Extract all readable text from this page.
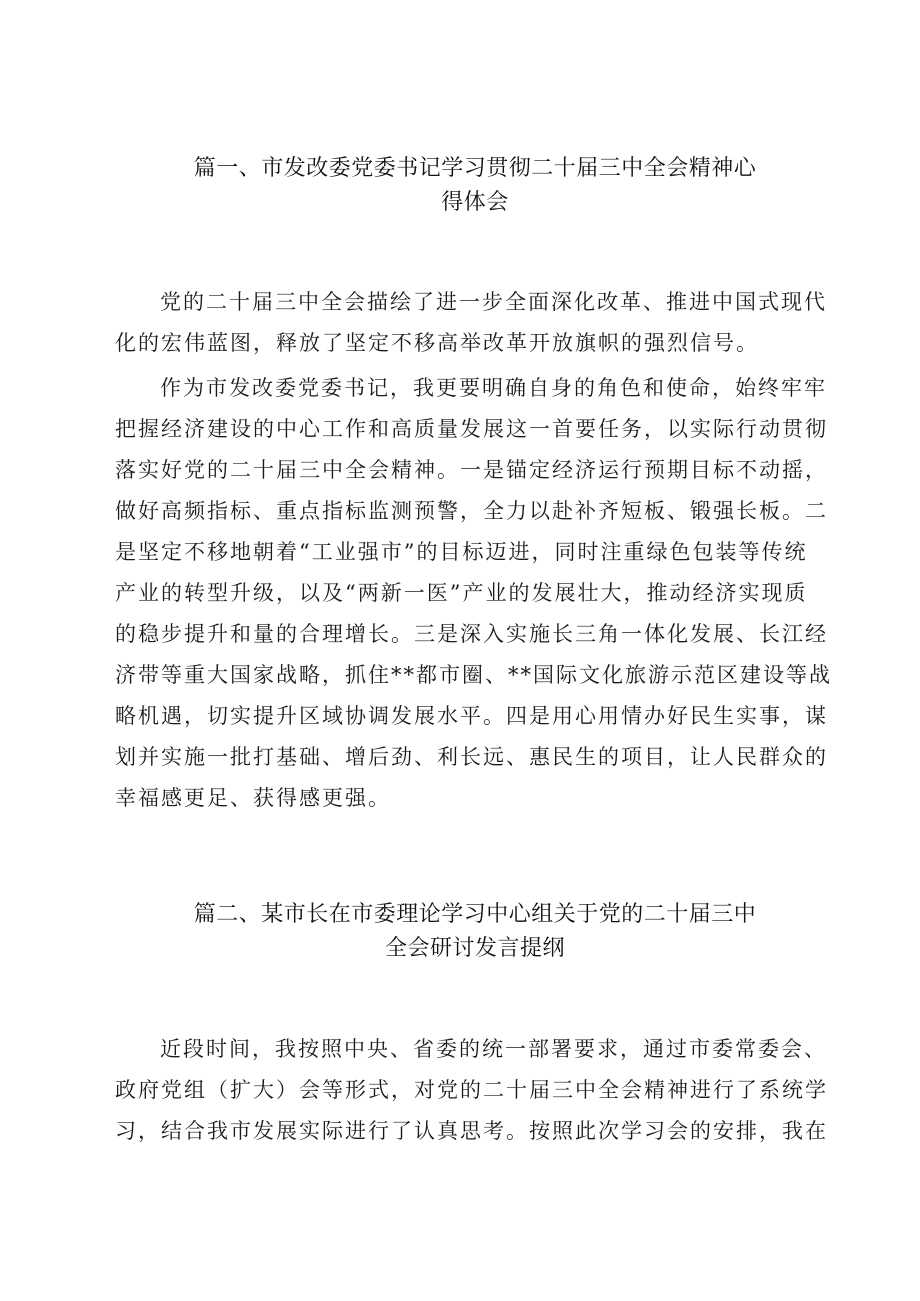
篇一、市发改委党委书记学习贯彻二十届三中全会精神心
得体会
党的二十届三中全会描绘了进一步全面深化改革、推进中国式现代
化的宏伟蓝图，释放了坚定不移高举改革开放旗帜的强烈信号。
作为市发改委党委书记，我更要明确自身的角色和使命，始终牢牢
把握经济建设的中心工作和高质量发展这一首要任务，以实际行动贯彻
落实好党的二十届三中全会精神。一是锚定经济运行预期目标不动摇，
做好高频指标、重点指标监测预警，全力以赴补齐短板、锻强长板。二
是坚定不移地朝着“工业强市”的目标迈进，同时注重绿色包装等传统
产业的转型升级，以及“两新一医”产业的发展壮大，推动经济实现质
的稳步提升和量的合理增长。三是深入实施长三角一体化发展、长江经
济带等重大国家战略，抓住**都市圈、**国际文化旅游示范区建设等战
略机遇，切实提升区域协调发展水平。四是用心用情办好民生实事，谋
划并实施一批打基础、增后劲、利长远、惠民生的项目，让人民群众的
幸福感更足、获得感更强。
篇二、某市长在市委理论学习中心组关于党的二十届三中
全会研讨发言提纲
近段时间，我按照中央、省委的统一部署要求，通过市委常委会、
政府党组（扩大）会等形式，对党的二十届三中全会精神进行了系统学
习，结合我市发展实际进行了认真思考。按照此次学习会的安排，我在
